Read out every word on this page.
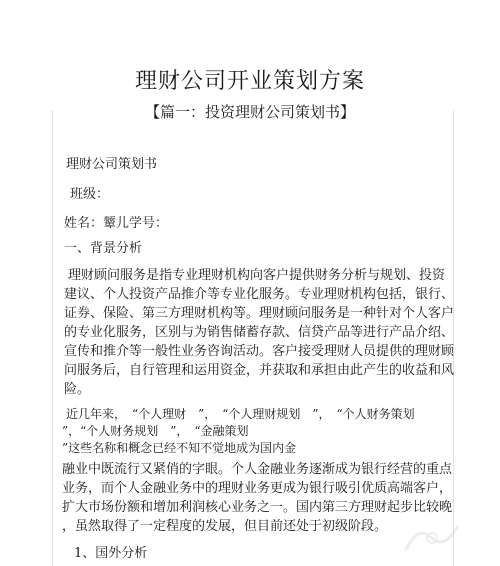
理财公司开业策划方案
【篇一：投资理财公司策划书】
理财公司策划书
班级：
姓名：颦儿学号：
一、背景分析
理财顾问服务是指专业理财机构向客户提供财务分析与规划、投资
建议、个人投资产品推介等专业化服务。专业理财机构包括，银行、
证券、保险、第三方理财机构等。理财顾问服务是一种针对个人客户
的专业化服务，区别与为销售储蓄存款、信贷产品等进行产品介绍、
宣传和推介等一般性业务咨询活动。客户接受理财人员提供的理财顾
问服务后，自行管理和运用资金，并获取和承担由此产生的收益和风
险。
近几年来，　“个人理财　”，　“个人理财规划　”，　“个人财务策划
”，“个人财务规划　”，　“金融策划
”这些名称和概念已经不知不觉地成为国内金
融业中既流行又紧俏的字眼。个人金融业务逐渐成为银行经营的重点
业务，而个人金融业务中的理财业务更成为银行吸引优质高端客户，
扩大市场份额和增加利润核心业务之一。国内第三方理财起步比较晚
，虽然取得了一定程度的发展，但目前还处于初级阶段。
1、国外分析
